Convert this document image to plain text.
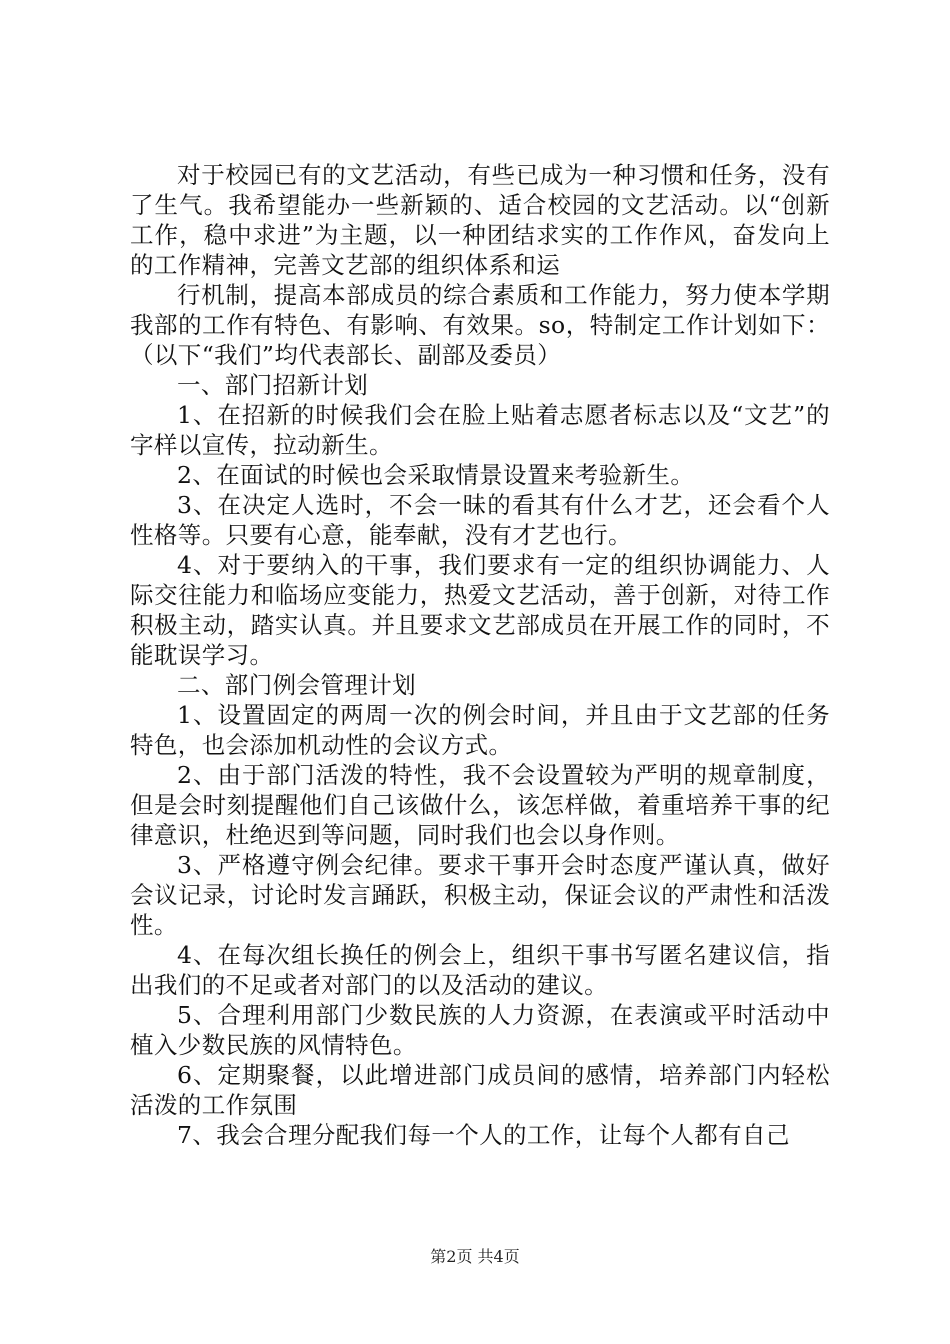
对于校园已有的文艺活动，有些已成为一种习惯和任务，没有了生气。我希望能办一些新颖的、适合校园的文艺活动。以“创新工作，稳中求进”为主题，以一种团结求实的工作作风，奋发向上的工作精神，完善文艺部的组织体系和运

行机制，提高本部成员的综合素质和工作能力，努力使本学期我部的工作有特色、有影响、有效果。so，特制定工作计划如下：（以下“我们”均代表部长、副部及委员）

一、部门招新计划

1、在招新的时候我们会在脸上贴着志愿者标志以及“文艺”的字样以宣传，拉动新生。

2、在面试的时候也会采取情景设置来考验新生。

3、在决定人选时，不会一昧的看其有什么才艺，还会看个人性格等。只要有心意，能奉献，没有才艺也行。

4、对于要纳入的干事，我们要求有一定的组织协调能力、人际交往能力和临场应变能力，热爱文艺活动，善于创新，对待工作积极主动，踏实认真。并且要求文艺部成员在开展工作的同时，不能耽误学习。

二、部门例会管理计划

1、设置固定的两周一次的例会时间，并且由于文艺部的任务特色，也会添加机动性的会议方式。

2、由于部门活泼的特性，我不会设置较为严明的规章制度，但是会时刻提醒他们自己该做什么，该怎样做，着重培养干事的纪律意识，杜绝迟到等问题，同时我们也会以身作则。

3、严格遵守例会纪律。要求干事开会时态度严谨认真，做好会议记录，讨论时发言踊跃，积极主动，保证会议的严肃性和活泼性。

4、在每次组长换任的例会上，组织干事书写匿名建议信，指出我们的不足或者对部门的以及活动的建议。

5、合理利用部门少数民族的人力资源，在表演或平时活动中植入少数民族的风情特色。

6、定期聚餐，以此增进部门成员间的感情，培养部门内轻松活泼的工作氛围

7、我会合理分配我们每一个人的工作，让每个人都有自己

第2页 共4页
